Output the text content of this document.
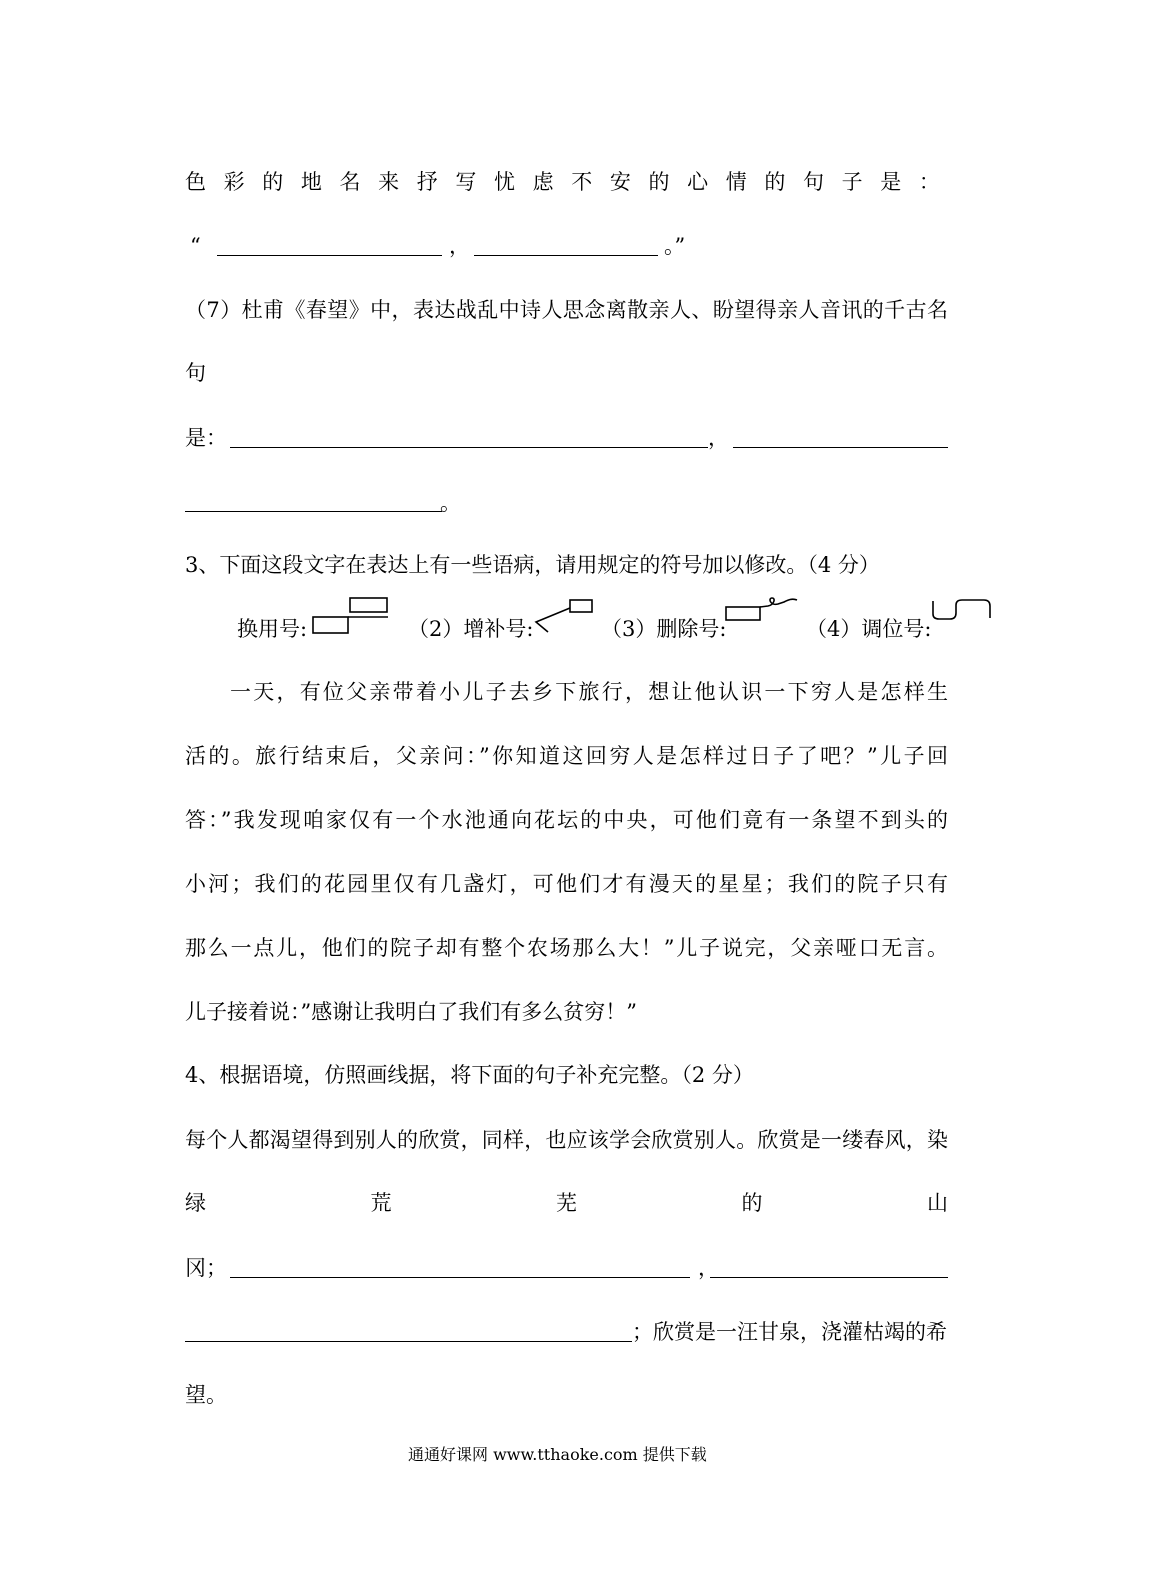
色 彩 的 地 名 来 抒 写 忧 虑 不 安 的 心 情 的 句 子 是 ：
“	，	。”
（7）杜甫《春望》中，表达战乱中诗人思念离散亲人、盼望得亲人音讯的千古名
句
是：	，
。
3、下面这段文字在表达上有一些语病，请用规定的符号加以修改。（4 分）
换用号:	（2）增补号:	（3）删除号:	（4）调位号:
一天，有位父亲带着小儿子去乡下旅行，想让他认识一下穷人是怎样生
活的。旅行结束后，父亲问：”你知道这回穷人是怎样过日子了吧？”儿子回
答：”我发现咱家仅有一个水池通向花坛的中央，可他们竟有一条望不到头的
小河；我们的花园里仅有几盏灯，可他们才有漫天的星星；我们的院子只有
那么一点儿，他们的院子却有整个农场那么大！”儿子说完，父亲哑口无言。
儿子接着说：”感谢让我明白了我们有多么贫穷！”
4、根据语境，仿照画线据，将下面的句子补充完整。（2 分）
每个人都渴望得到别人的欣赏，同样，也应该学会欣赏别人。欣赏是一缕春风，染
绿	荒	芜	的	山
冈；	，
；欣赏是一汪甘泉，浇灌枯竭的希
望。
通通好课网 www.tthaoke.com 提供下载
